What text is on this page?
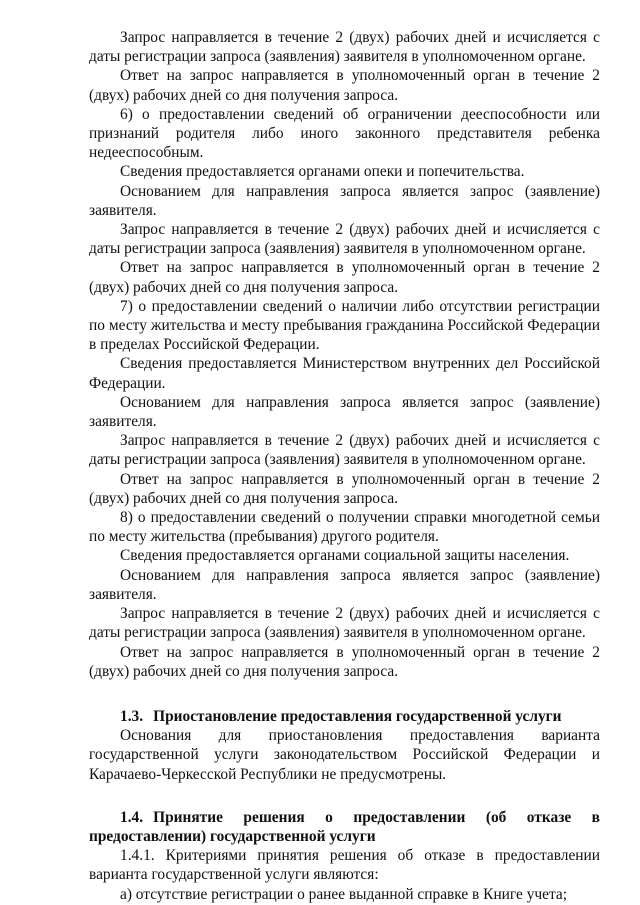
Запрос направляется в течение 2 (двух) рабочих дней и исчисляется с даты регистрации запроса (заявления) заявителя в уполномоченном органе.

Ответ на запрос направляется в уполномоченный орган в течение 2 (двух) рабочих дней со дня получения запроса.

6) о предоставлении сведений об ограничении дееспособности или признаний родителя либо иного законного представителя ребенка недееспособным.

Сведения предоставляется органами опеки и попечительства.

Основанием для направления запроса является запрос (заявление) заявителя.

Запрос направляется в течение 2 (двух) рабочих дней и исчисляется с даты регистрации запроса (заявления) заявителя в уполномоченном органе.

Ответ на запрос направляется в уполномоченный орган в течение 2 (двух) рабочих дней со дня получения запроса.

7) о предоставлении сведений о наличии либо отсутствии регистрации по месту жительства и месту пребывания гражданина Российской Федерации в пределах Российской Федерации.

Сведения предоставляется Министерством внутренних дел Российской Федерации.

Основанием для направления запроса является запрос (заявление) заявителя.

Запрос направляется в течение 2 (двух) рабочих дней и исчисляется с даты регистрации запроса (заявления) заявителя в уполномоченном органе.

Ответ на запрос направляется в уполномоченный орган в течение 2 (двух) рабочих дней со дня получения запроса.

8) о предоставлении сведений о получении справки многодетной семьи по месту жительства (пребывания) другого родителя.

Сведения предоставляется органами социальной защиты населения.

Основанием для направления запроса является запрос (заявление) заявителя.

Запрос направляется в течение 2 (двух) рабочих дней и исчисляется с даты регистрации запроса (заявления) заявителя в уполномоченном органе.

Ответ на запрос направляется в уполномоченный орган в течение 2 (двух) рабочих дней со дня получения запроса.

1.3. Приостановление предоставления государственной услуги

Основания для приостановления предоставления варианта государственной услуги законодательством Российской Федерации и Карачаево-Черкесской Республики не предусмотрены.

1.4. Принятие решения о предоставлении (об отказе в предоставлении) государственной услуги

1.4.1. Критериями принятия решения об отказе в предоставлении варианта государственной услуги являются:

а) отсутствие регистрации о ранее выданной справке в Книге учета;
